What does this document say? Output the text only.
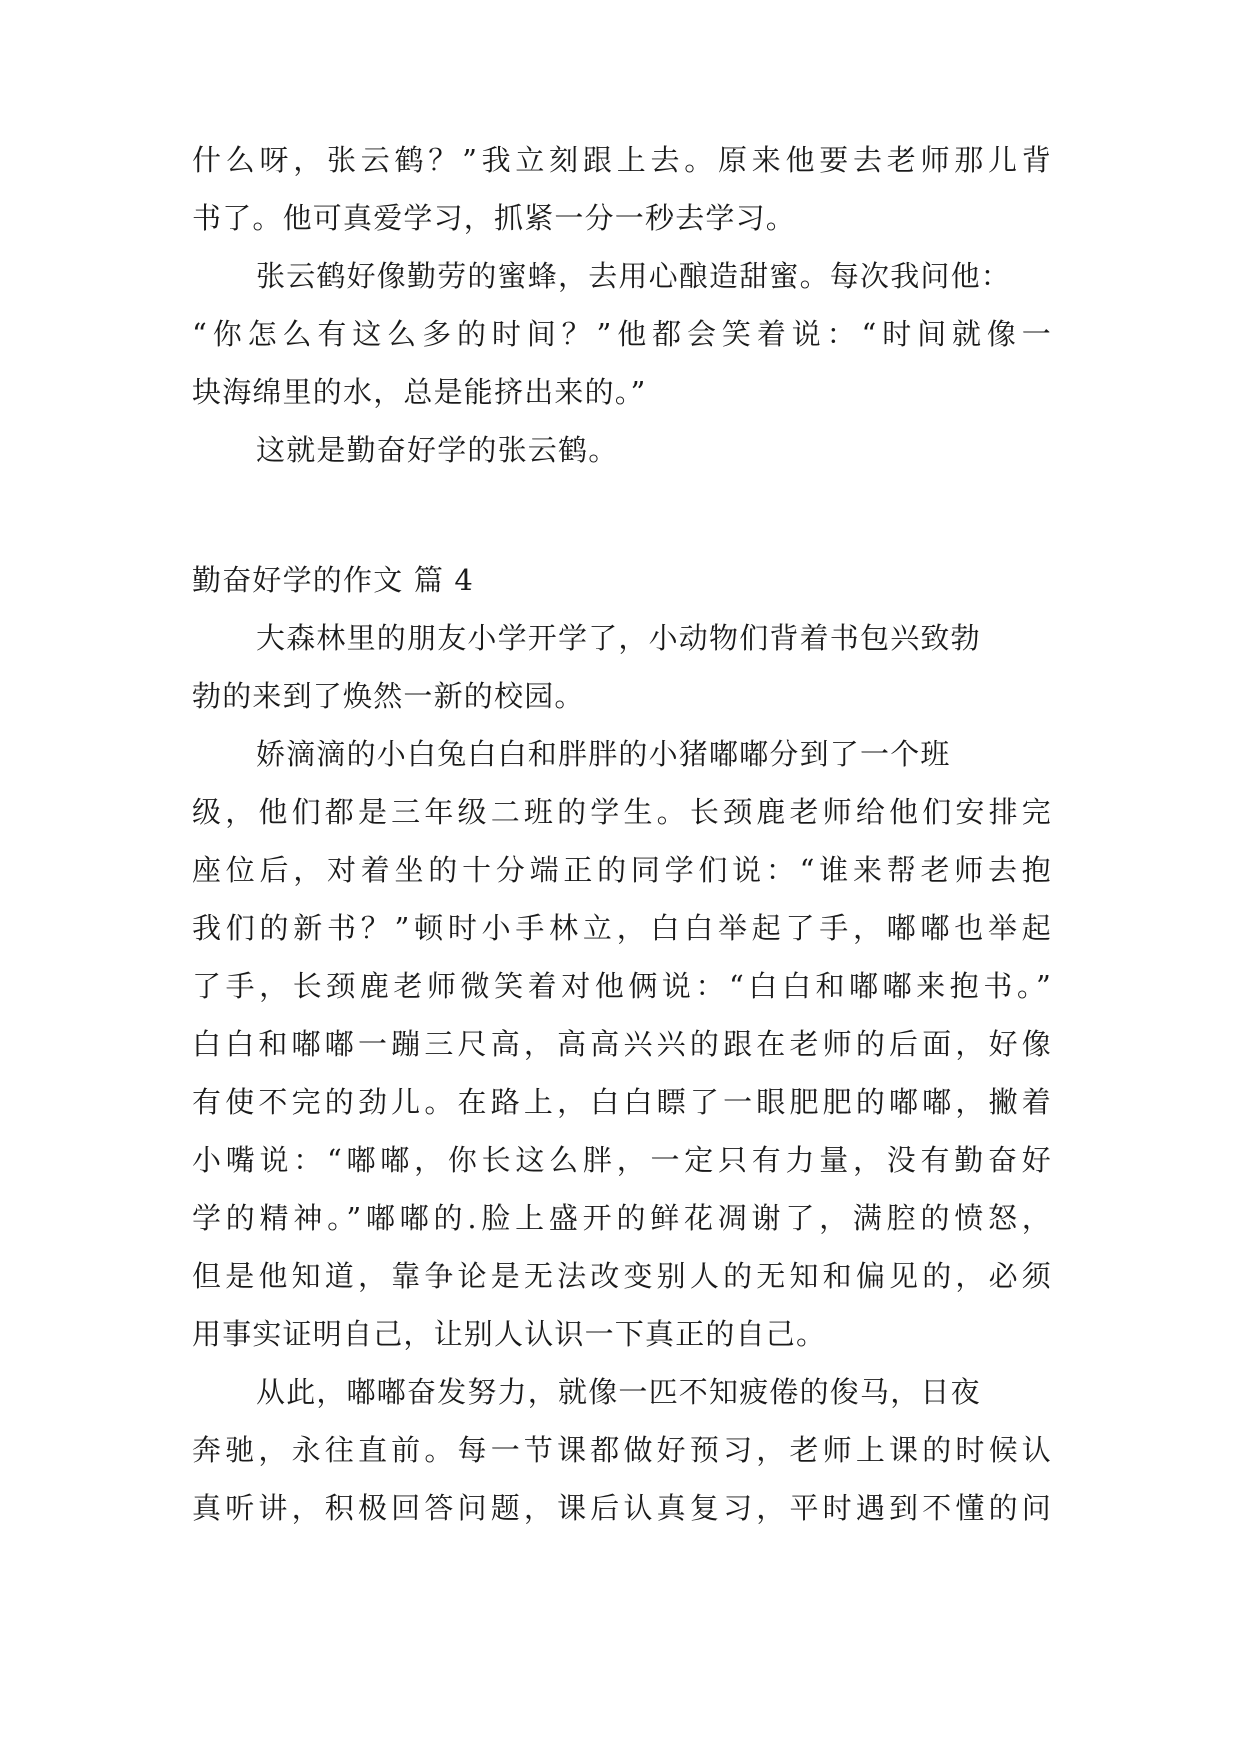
什么呀，张云鹤？”我立刻跟上去。原来他要去老师那儿背
书了。他可真爱学习，抓紧一分一秒去学习。
张云鹤好像勤劳的蜜蜂，去用心酿造甜蜜。每次我问他：
“你怎么有这么多的时间？”他都会笑着说：“时间就像一
块海绵里的水，总是能挤出来的。”
这就是勤奋好学的张云鹤。
勤奋好学的作文 篇 4
大森林里的朋友小学开学了，小动物们背着书包兴致勃
勃的来到了焕然一新的校园。
娇滴滴的小白兔白白和胖胖的小猪嘟嘟分到了一个班
级，他们都是三年级二班的学生。长颈鹿老师给他们安排完
座位后，对着坐的十分端正的同学们说：“谁来帮老师去抱
我们的新书？”顿时小手林立，白白举起了手，嘟嘟也举起
了手，长颈鹿老师微笑着对他俩说：“白白和嘟嘟来抱书。”
白白和嘟嘟一蹦三尺高，高高兴兴的跟在老师的后面，好像
有使不完的劲儿。在路上，白白瞟了一眼肥肥的嘟嘟，撇着
小嘴说：“嘟嘟，你长这么胖，一定只有力量，没有勤奋好
学的精神。”嘟嘟的.脸上盛开的鲜花凋谢了，满腔的愤怒，
但是他知道，靠争论是无法改变别人的无知和偏见的，必须
用事实证明自己，让别人认识一下真正的自己。
从此，嘟嘟奋发努力，就像一匹不知疲倦的俊马，日夜
奔驰，永往直前。每一节课都做好预习，老师上课的时候认
真听讲，积极回答问题，课后认真复习，平时遇到不懂的问
